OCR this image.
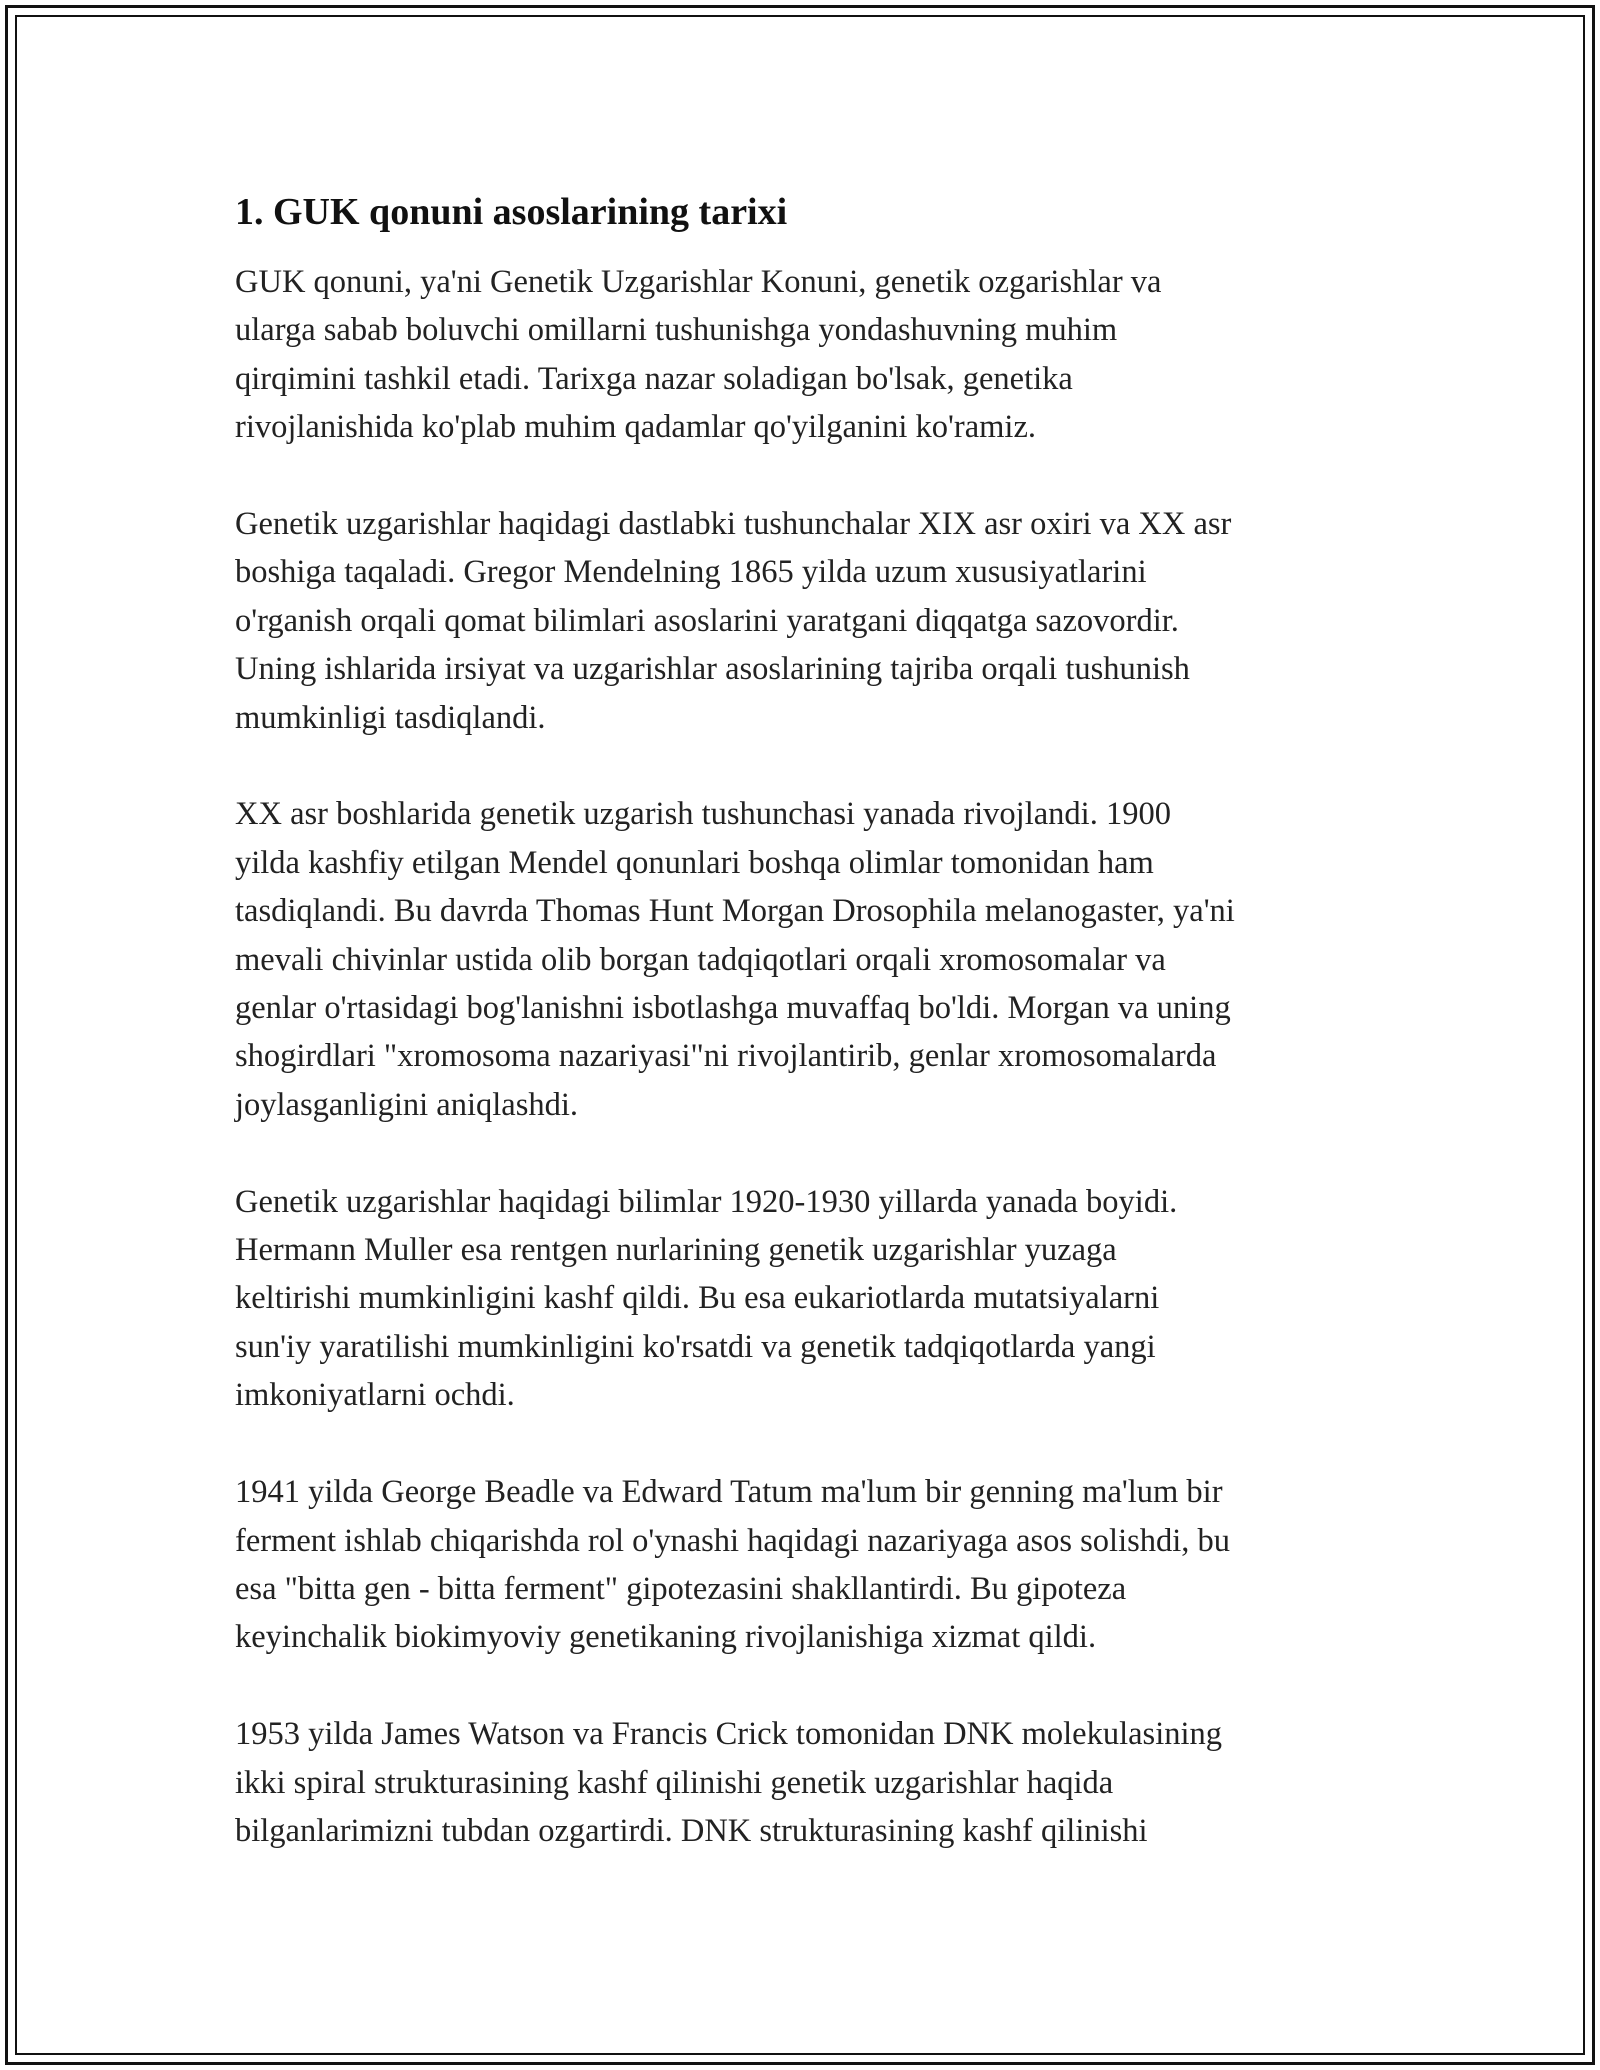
1. GUK qonuni asoslarining tarixi

GUK qonuni, ya'ni Genetik Uzgarishlar Konuni, genetik ozgarishlar va
ularga sabab boluvchi omillarni tushunishga yondashuvning muhim
qirqimini tashkil etadi. Tarixga nazar soladigan bo'lsak, genetika
rivojlanishida ko'plab muhim qadamlar qo'yilganini ko'ramiz.

Genetik uzgarishlar haqidagi dastlabki tushunchalar XIX asr oxiri va XX asr
boshiga taqaladi. Gregor Mendelning 1865 yilda uzum xususiyatlarini
o'rganish orqali qomat bilimlari asoslarini yaratgani diqqatga sazovordir.
Uning ishlarida irsiyat va uzgarishlar asoslarining tajriba orqali tushunish
mumkinligi tasdiqlandi.

XX asr boshlarida genetik uzgarish tushunchasi yanada rivojlandi. 1900
yilda kashfiy etilgan Mendel qonunlari boshqa olimlar tomonidan ham
tasdiqlandi. Bu davrda Thomas Hunt Morgan Drosophila melanogaster, ya'ni
mevali chivinlar ustida olib borgan tadqiqotlari orqali xromosomalar va
genlar o'rtasidagi bog'lanishni isbotlashga muvaffaq bo'ldi. Morgan va uning
shogirdlari "xromosoma nazariyasi"ni rivojlantirib, genlar xromosomalarda
joylasganligini aniqlashdi.

Genetik uzgarishlar haqidagi bilimlar 1920-1930 yillarda yanada boyidi.
Hermann Muller esa rentgen nurlarining genetik uzgarishlar yuzaga
keltirishi mumkinligini kashf qildi. Bu esa eukariotlarda mutatsiyalarni
sun'iy yaratilishi mumkinligini ko'rsatdi va genetik tadqiqotlarda yangi
imkoniyatlarni ochdi.

1941 yilda George Beadle va Edward Tatum ma'lum bir genning ma'lum bir
ferment ishlab chiqarishda rol o'ynashi haqidagi nazariyaga asos solishdi, bu
esa "bitta gen - bitta ferment" gipotezasini shakllantirdi. Bu gipoteza
keyinchalik biokimyoviy genetikaning rivojlanishiga xizmat qildi.

1953 yilda James Watson va Francis Crick tomonidan DNK molekulasining
ikki spiral strukturasining kashf qilinishi genetik uzgarishlar haqida
bilganlarimizni tubdan ozgartirdi. DNK strukturasining kashf qilinishi
